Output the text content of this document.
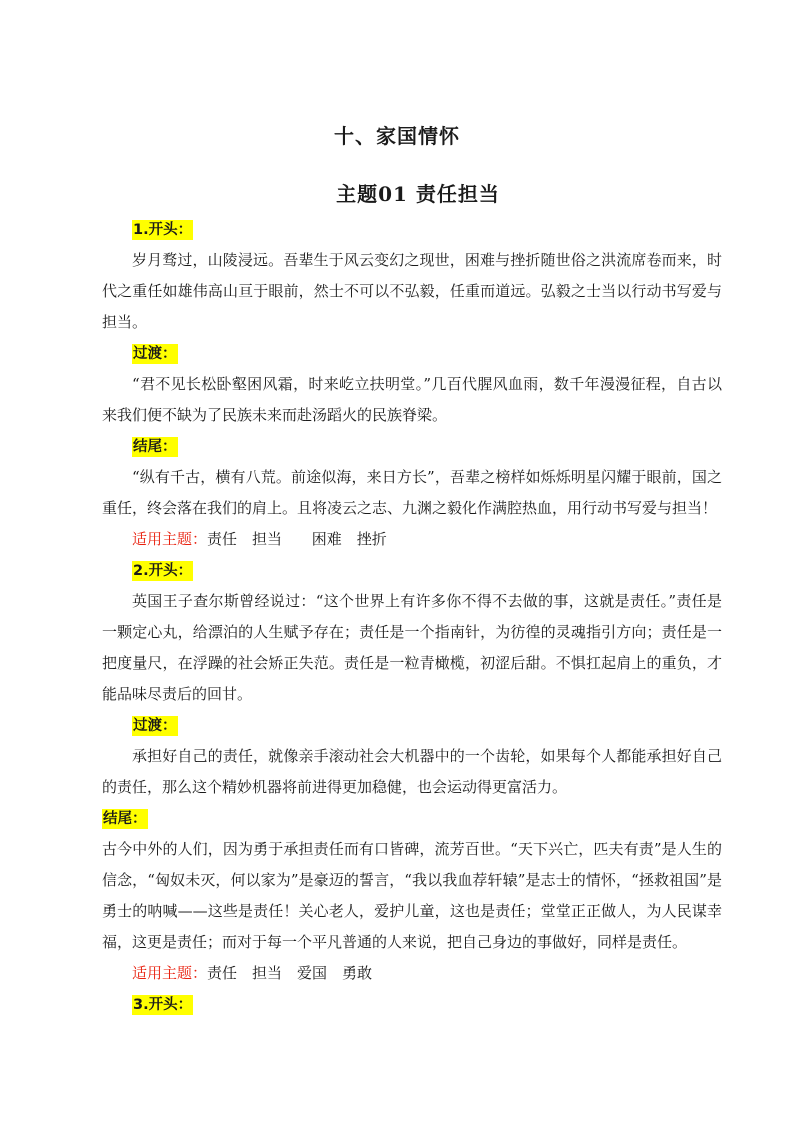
十、家国情怀
主题01 责任担当
1.开头：

岁月骛过，山陵浸远。吾辈生于风云变幻之现世，困难与挫折随世俗之洪流席卷而来，时代之重任如雄伟高山亘于眼前，然士不可以不弘毅，任重而道远。弘毅之士当以行动书写爱与担当。

过渡：

“君不见长松卧壑困风霜，时来屹立扶明堂。”几百代腥风血雨，数千年漫漫征程，自古以来我们便不缺为了民族未来而赴汤蹈火的民族脊梁。

结尾：

“纵有千古，横有八荒。前途似海，来日方长”，吾辈之榜样如烁烁明星闪耀于眼前，国之重任，终会落在我们的肩上。且将凌云之志、九渊之毅化作满腔热血，用行动书写爱与担当！

适用主题：责任　担当　 困难　挫折
2.开头：

英国王子查尔斯曾经说过：“这个世界上有许多你不得不去做的事，这就是责任。”责任是一颗定心丸，给漂泊的人生赋予存在；责任是一个指南针，为彷徨的灵魂指引方向；责任是一把度量尺，在浮躁的社会矫正失范。责任是一粒青橄榄，初涩后甜。不惧扛起肩上的重负，才能品味尽责后的回甘。

过渡：

承担好自己的责任，就像亲手滚动社会大机器中的一个齿轮，如果每个人都能承担好自己的责任，那么这个精妙机器将前进得更加稳健，也会运动得更富活力。

结尾：

古今中外的人们，因为勇于承担责任而有口皆碑，流芳百世。“天下兴亡，匹夫有责”是人生的信念，“匈奴未灭，何以家为”是豪迈的誓言，“我以我血荐轩辕”是志士的情怀，“拯救祖国”是勇士的呐喊——这些是责任！关心老人，爱护儿童，这也是责任；堂堂正正做人，为人民谋幸福，这更是责任；而对于每一个平凡普通的人来说，把自己身边的事做好，同样是责任。

适用主题：责任　担当　爱国　勇敢
3.开头：
